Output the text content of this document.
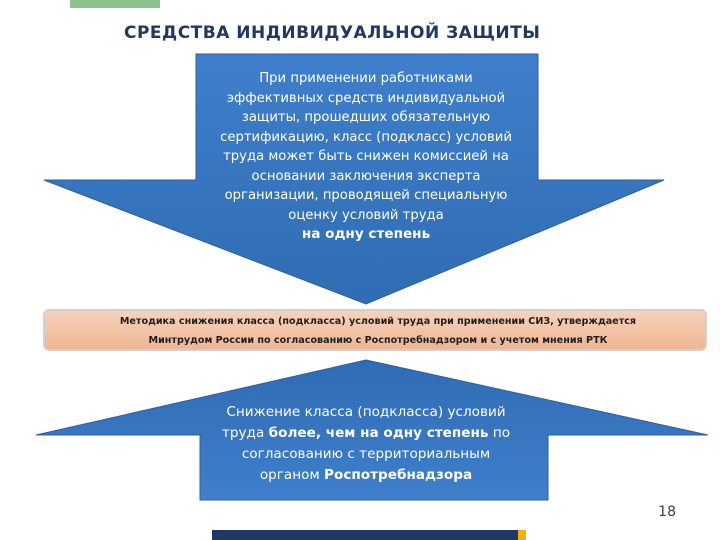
СРЕДСТВА ИНДИВИДУАЛЬНОЙ ЗАЩИТЫ
При применении работниками
эффективных средств индивидуальной
защиты, прошедших обязательную
сертификацию, класс (подкласс) условий
труда может быть снижен комиссией на
основании заключения эксперта
организации, проводящей специальную
оценку условий труда
на одну степень
Методика снижения класса (подкласса) условий труда при применении СИЗ, утверждается
Минтрудом России по согласованию с Роспотребнадзором и с учетом мнения РТК
Снижение класса (подкласса) условий труда более, чем на одну степень по согласованию с территориальным органом Роспотребнадзора
18
